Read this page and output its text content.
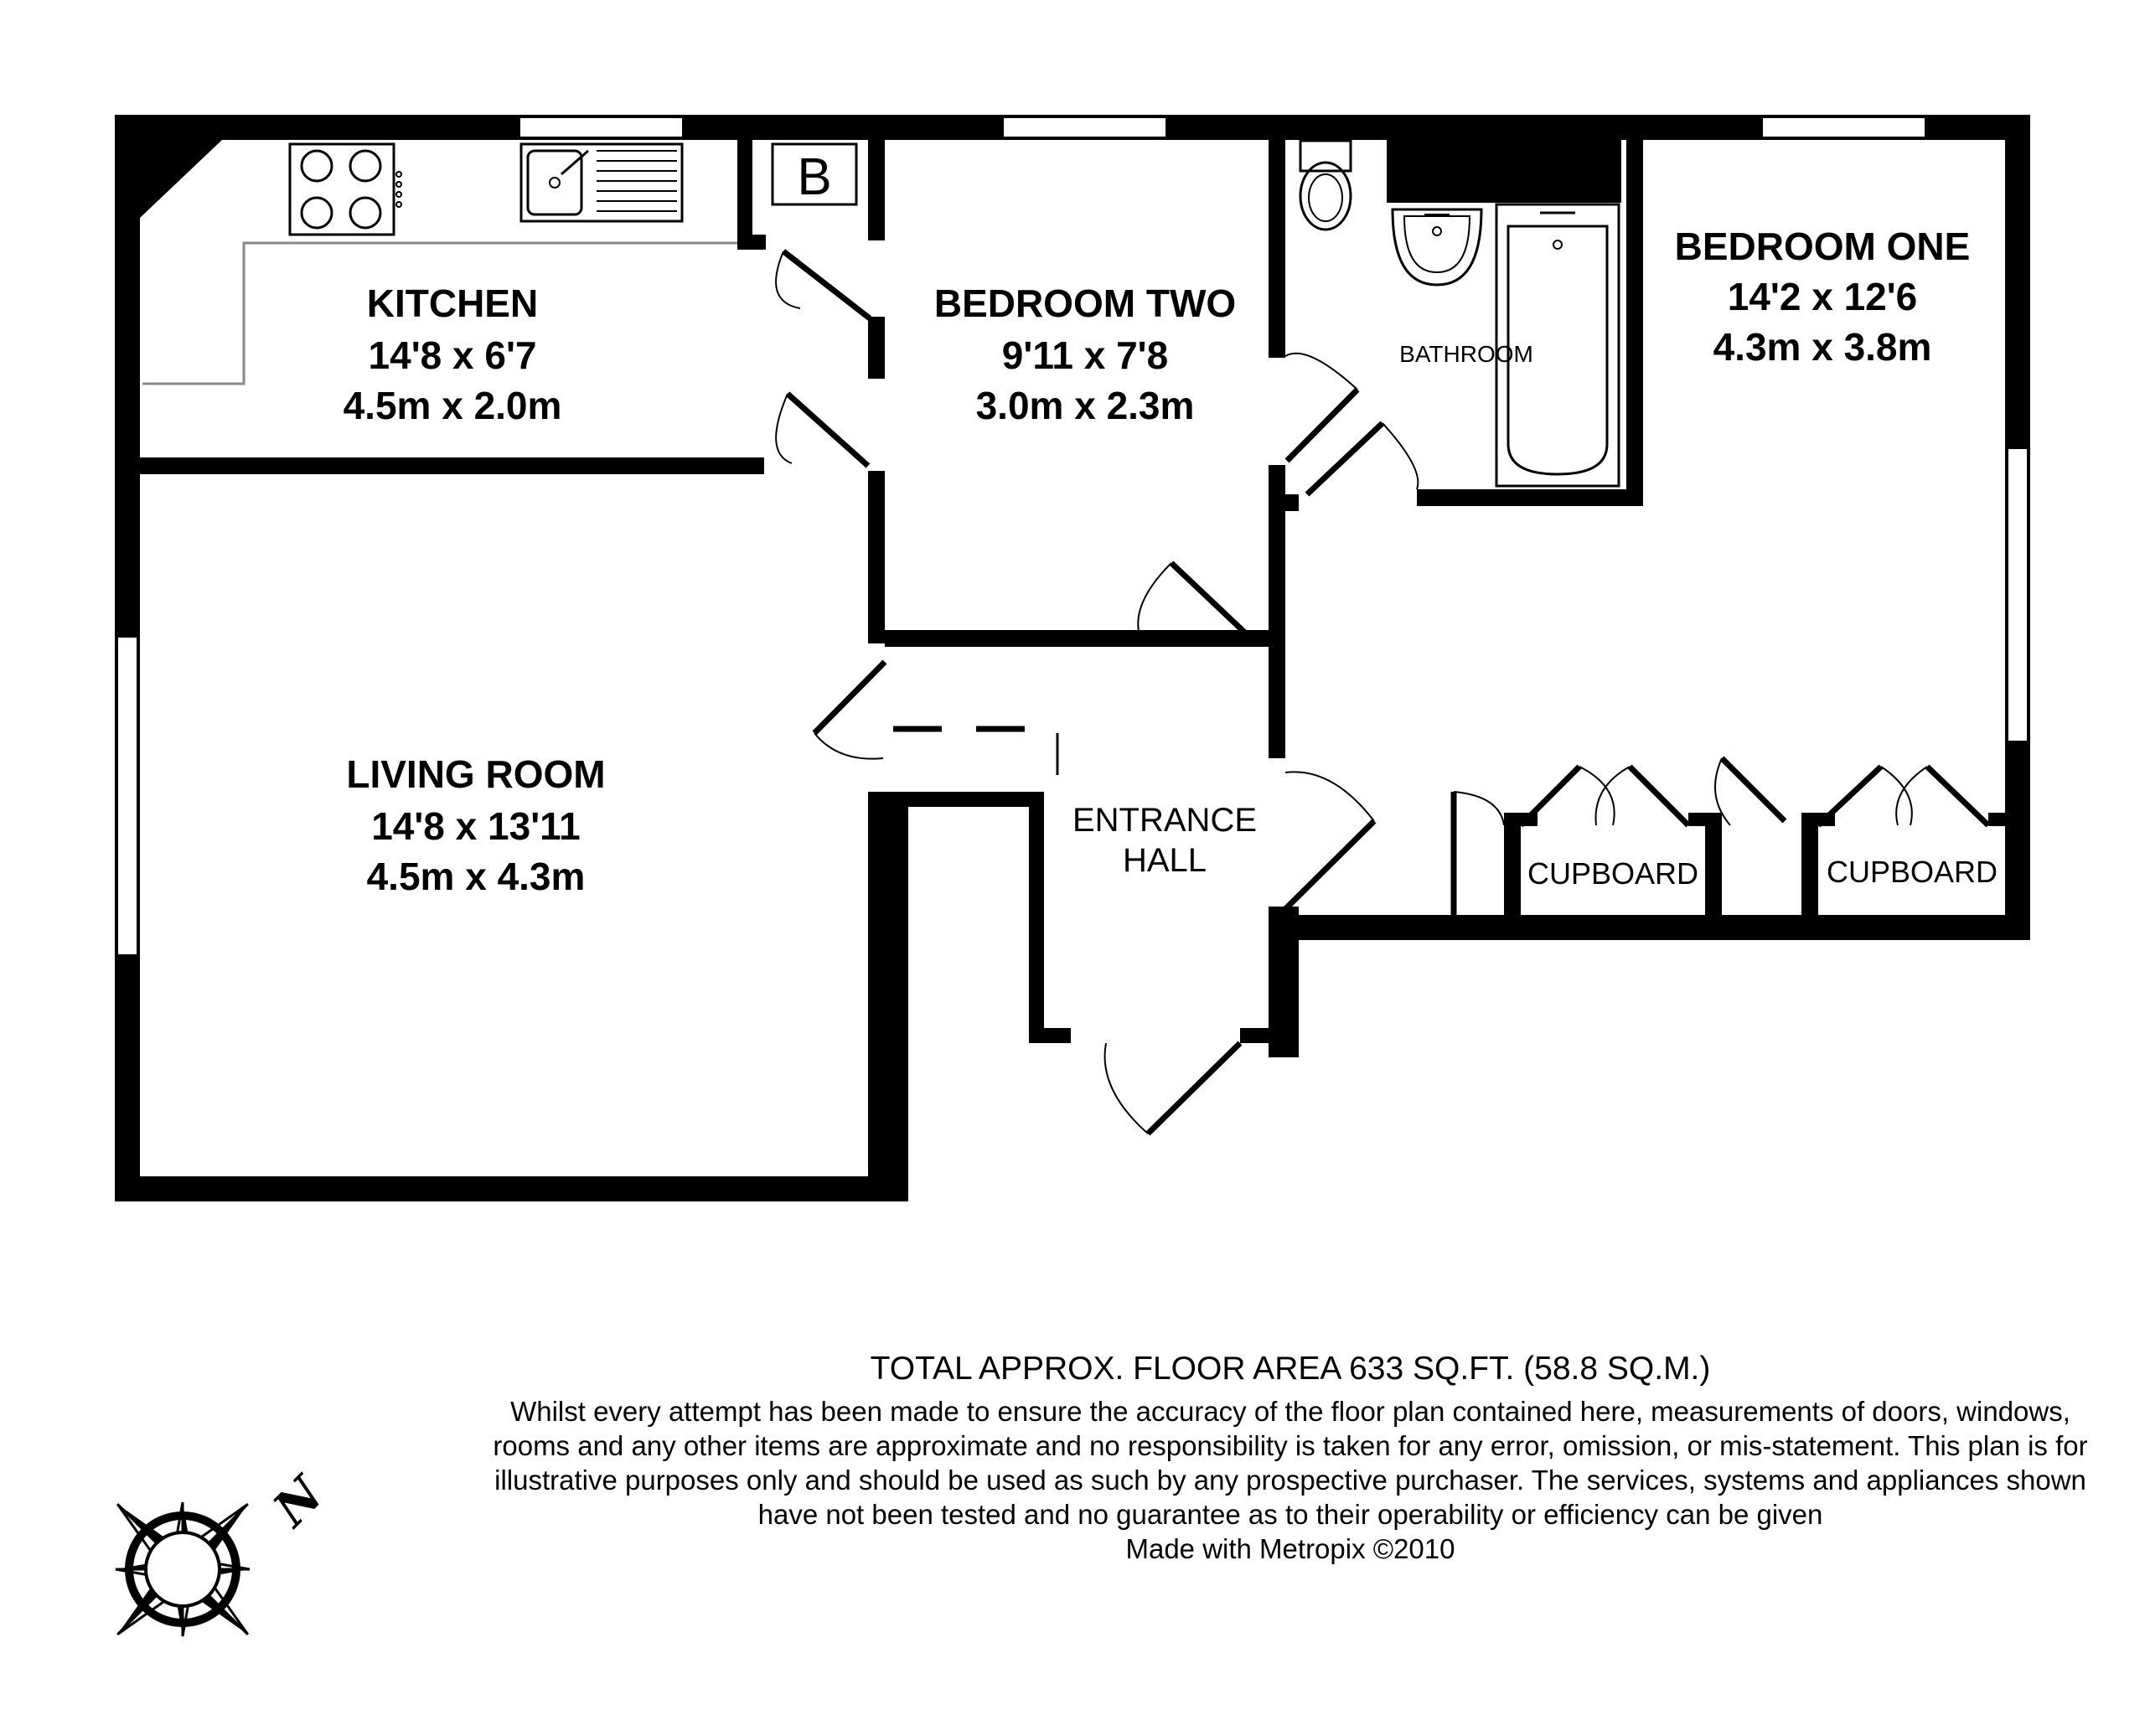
B
KITCHEN
14'8 x 6'7
4.5m x 2.0m
BEDROOM TWO
9'11 x 7'8
3.0m x 2.3m
BEDROOM ONE
14'2 x 12'6
4.3m x 3.8m
LIVING ROOM
14'8 x 13'11
4.5m x 4.3m
BATHROOM
ENTRANCE
HALL	CUPBOARD	CUPBOARD
N
TOTAL APPROX. FLOOR AREA 633 SQ.FT. (58.8 SQ.M.)
Whilst every attempt has been made to ensure the accuracy of the floor plan contained here, measurements of doors, windows, rooms and any other items are approximate and no responsibility is taken for any error, omission, or mis-statement. This plan is for illustrative purposes only and should be used as such by any prospective purchaser. The services, systems and appliances shown have not been tested and no guarantee as to their operability or efficiency can be given
Made with Metropix ©2010
